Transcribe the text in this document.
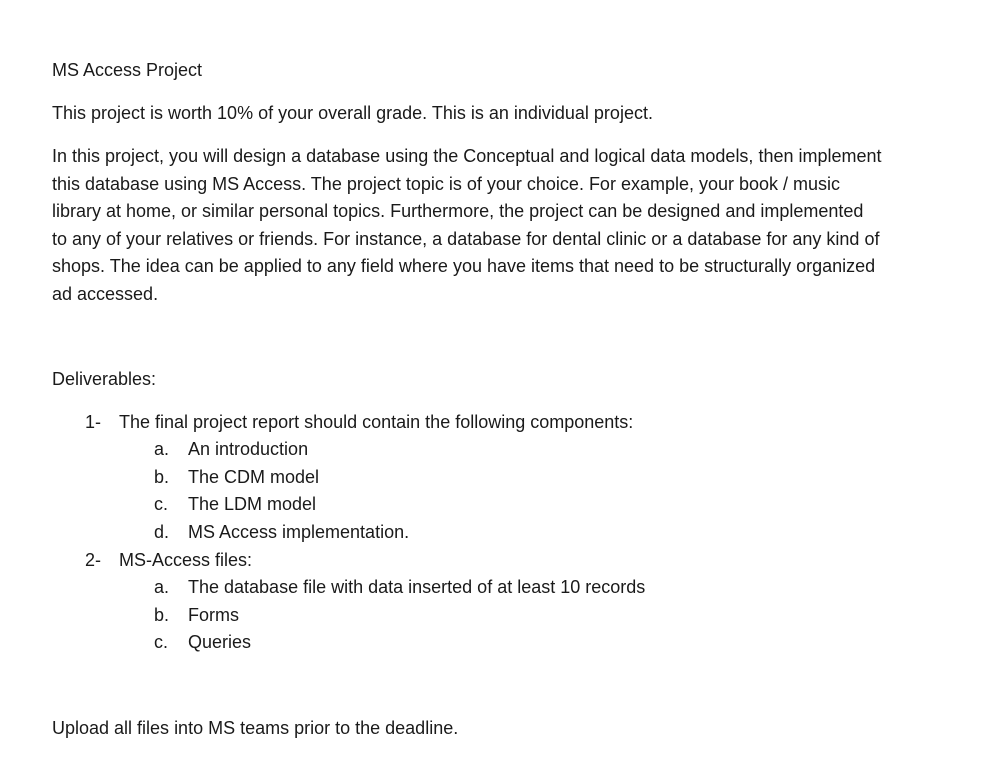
MS Access Project

This project is worth 10% of your overall grade. This is an individual project.

In this project, you will design a database using the Conceptual and logical data models, then implement
this database using MS Access. The project topic is of your choice. For example, your book / music
library at home, or similar personal topics. Furthermore, the project can be designed and implemented
to any of your relatives or friends. For instance, a database for dental clinic or a database for any kind of
shops. The idea can be applied to any field where you have items that need to be structurally organized
ad accessed.

Deliverables:

1- The final project report should contain the following components:
a. An introduction
b. The CDM model
c. The LDM model
d. MS Access implementation.
2- MS-Access files:
a. The database file with data inserted of at least 10 records
b. Forms
c. Queries

Upload all files into MS teams prior to the deadline.
